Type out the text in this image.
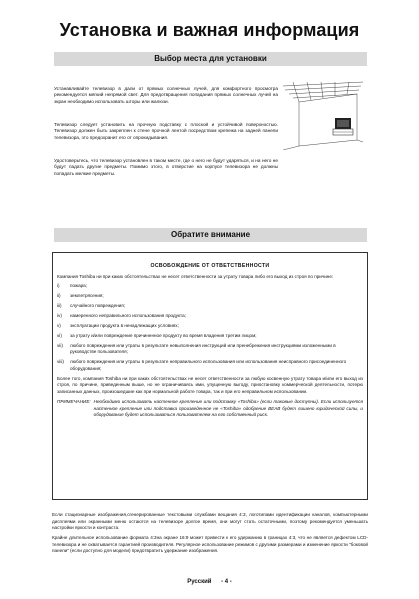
Установка и важная информация
Выбор места для установки
Устанавливайте телевизор в дали от прямых солнечных лучей, для комфортного просмотра рекомендуется мягкий непрямой свет. Для предотвращения попадания прямых солнечных лучей на экран необходимо использовать шторы или жалюзи.
Телевизор следует установить на прочную подставку с плоской и устойчивой поверхностью. Телевизор должен быть закреплен к стене прочной лентой посредством крепежа на задней панели телевизора, это предохранит его от опрокидывания.
Удостоверьтесь, что телевизор установлен в таком месте, где о него не будут ударяться, и на него не будут падать другие предметы. Помимо этого, в отверстие на корпусе телевизора не должны попадать мелкие предметы.
Обратите внимание
ОСВОБОЖДЕНИЕ ОТ ОТВЕТСТВЕННОСТИ
Компания Toshiba ни при каких обстоятельствах не несет ответственности за утрату товара либо его выход из строя по причине:
i)	пожара;
ii)	землетрясения;
iii)	случайного повреждения;
iv)	намеренного неправильного использования продукта;
v)	эксплуатации продукта в ненадлежащих условиях;
vi)	за утрату и/или повреждение причиненное продукту во время владения третим лицом;
vii)	любого повреждения или утраты в результате невыполнения инструкций или пренебрежения инструкциями изложенными в руководстве пользователя;
viii)	любого повреждения или утраты в результате неправильного использования или использования неисправного присоединенного оборудования;
Более того, компания Toshiba ни при каких обстоятельствах не несет ответственности за любую косвенную утрату товара и/или его выход из строя, по причине, приведенным выше, но не ограничиваясь ими, упущенную выгоду, приостановку коммерческой деятельности, потерю записанных данных, произошедшие как при нормальной работе товара, так и при его неправильном использовании.
ПРИМЕЧАНИЕ: Необходимо использовать настенное крепление или подставку «Toshiba» (если таковые доступны). Если используется настенное крепление или подставка произведенное не «Toshiba» одобрение BEAB будет лишено юридической силы, и оборудование будет использоваться пользователем на его собственный риск.
Если стационарные изображения,сгенерированные текстовыми службами вещания 4:3, логотипами идентификации каналов, компьютерными дисплеями или экранными меню остаются на телевизоре долгое время, они могут стать остаточными, поэтому рекомендуется уменьшать настройки яркости и контраста.
Крайне длительное использование формата 4:3на экране 16:9 может привести к его удержанию в границах 4:3, что не является дефектом LCD-телевизора и не охватывается гарантией производителя. Регулярное использование режимов с другими размерами и изменение яркости "боковой панели" (если доступно для модели) предотвратить удержание изображения.
Русский - 4 -
